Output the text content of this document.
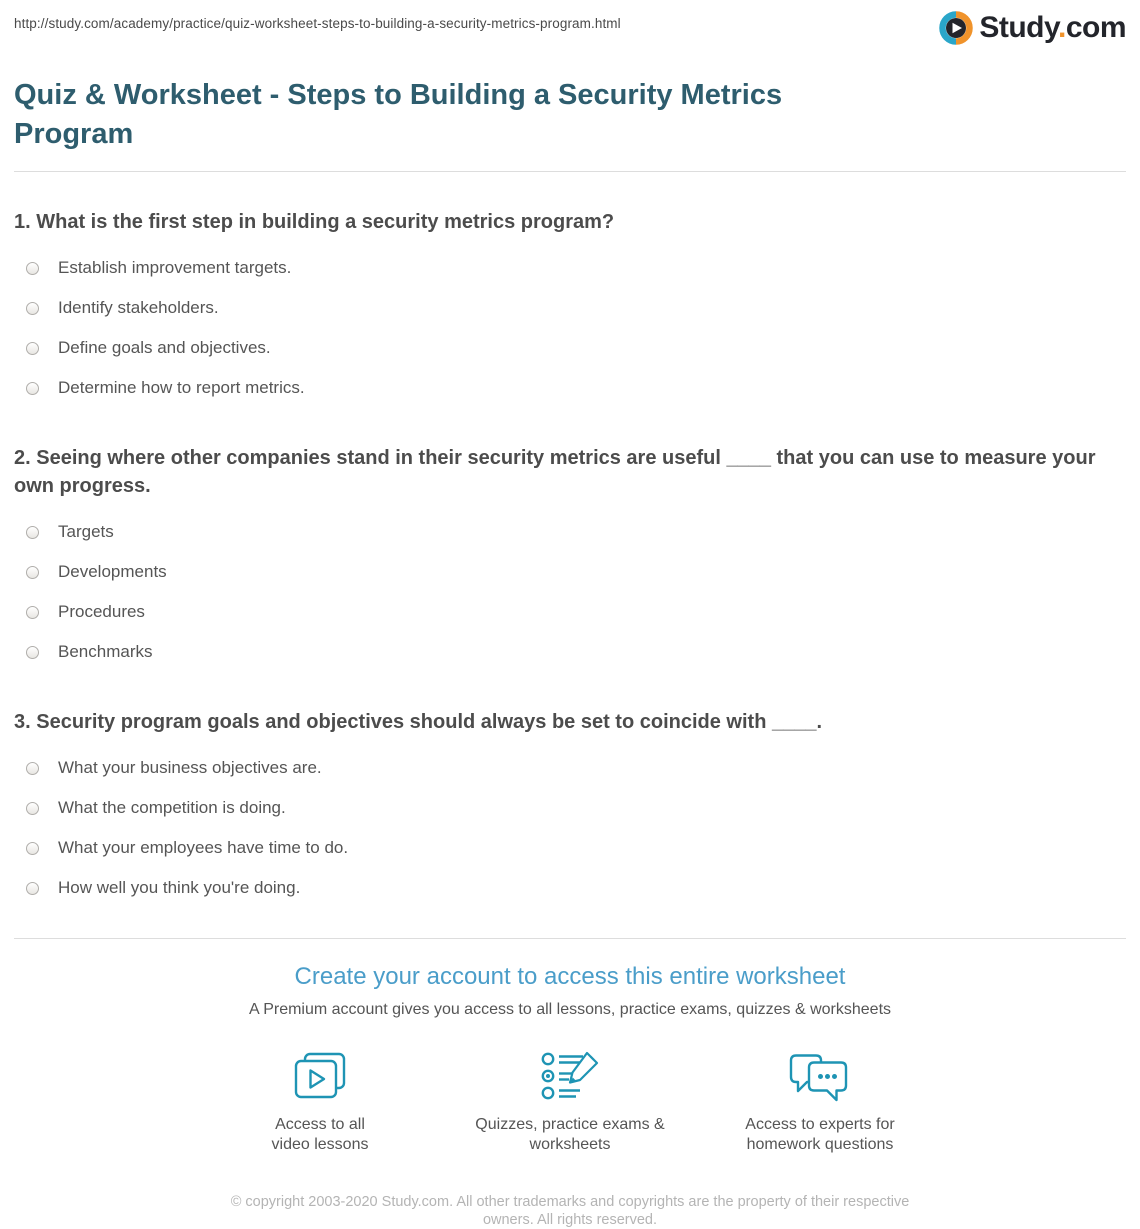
http://study.com/academy/practice/quiz-worksheet-steps-to-building-a-security-metrics-program.html	Study.com
Quiz & Worksheet - Steps to Building a Security Metrics Program
1. What is the first step in building a security metrics program?
Establish improvement targets.
Identify stakeholders.
Define goals and objectives.
Determine how to report metrics.
2. Seeing where other companies stand in their security metrics are useful ____ that you can use to measure your own progress.
Targets
Developments
Procedures
Benchmarks
3. Security program goals and objectives should always be set to coincide with ____.
What your business objectives are.
What the competition is doing.
What your employees have time to do.
How well you think you're doing.
Create your account to access this entire worksheet
A Premium account gives you access to all lessons, practice exams, quizzes & worksheets
Access to all video lessons
Quizzes, practice exams & worksheets
Access to experts for homework questions
© copyright 2003-2020 Study.com. All other trademarks and copyrights are the property of their respective owners. All rights reserved.
